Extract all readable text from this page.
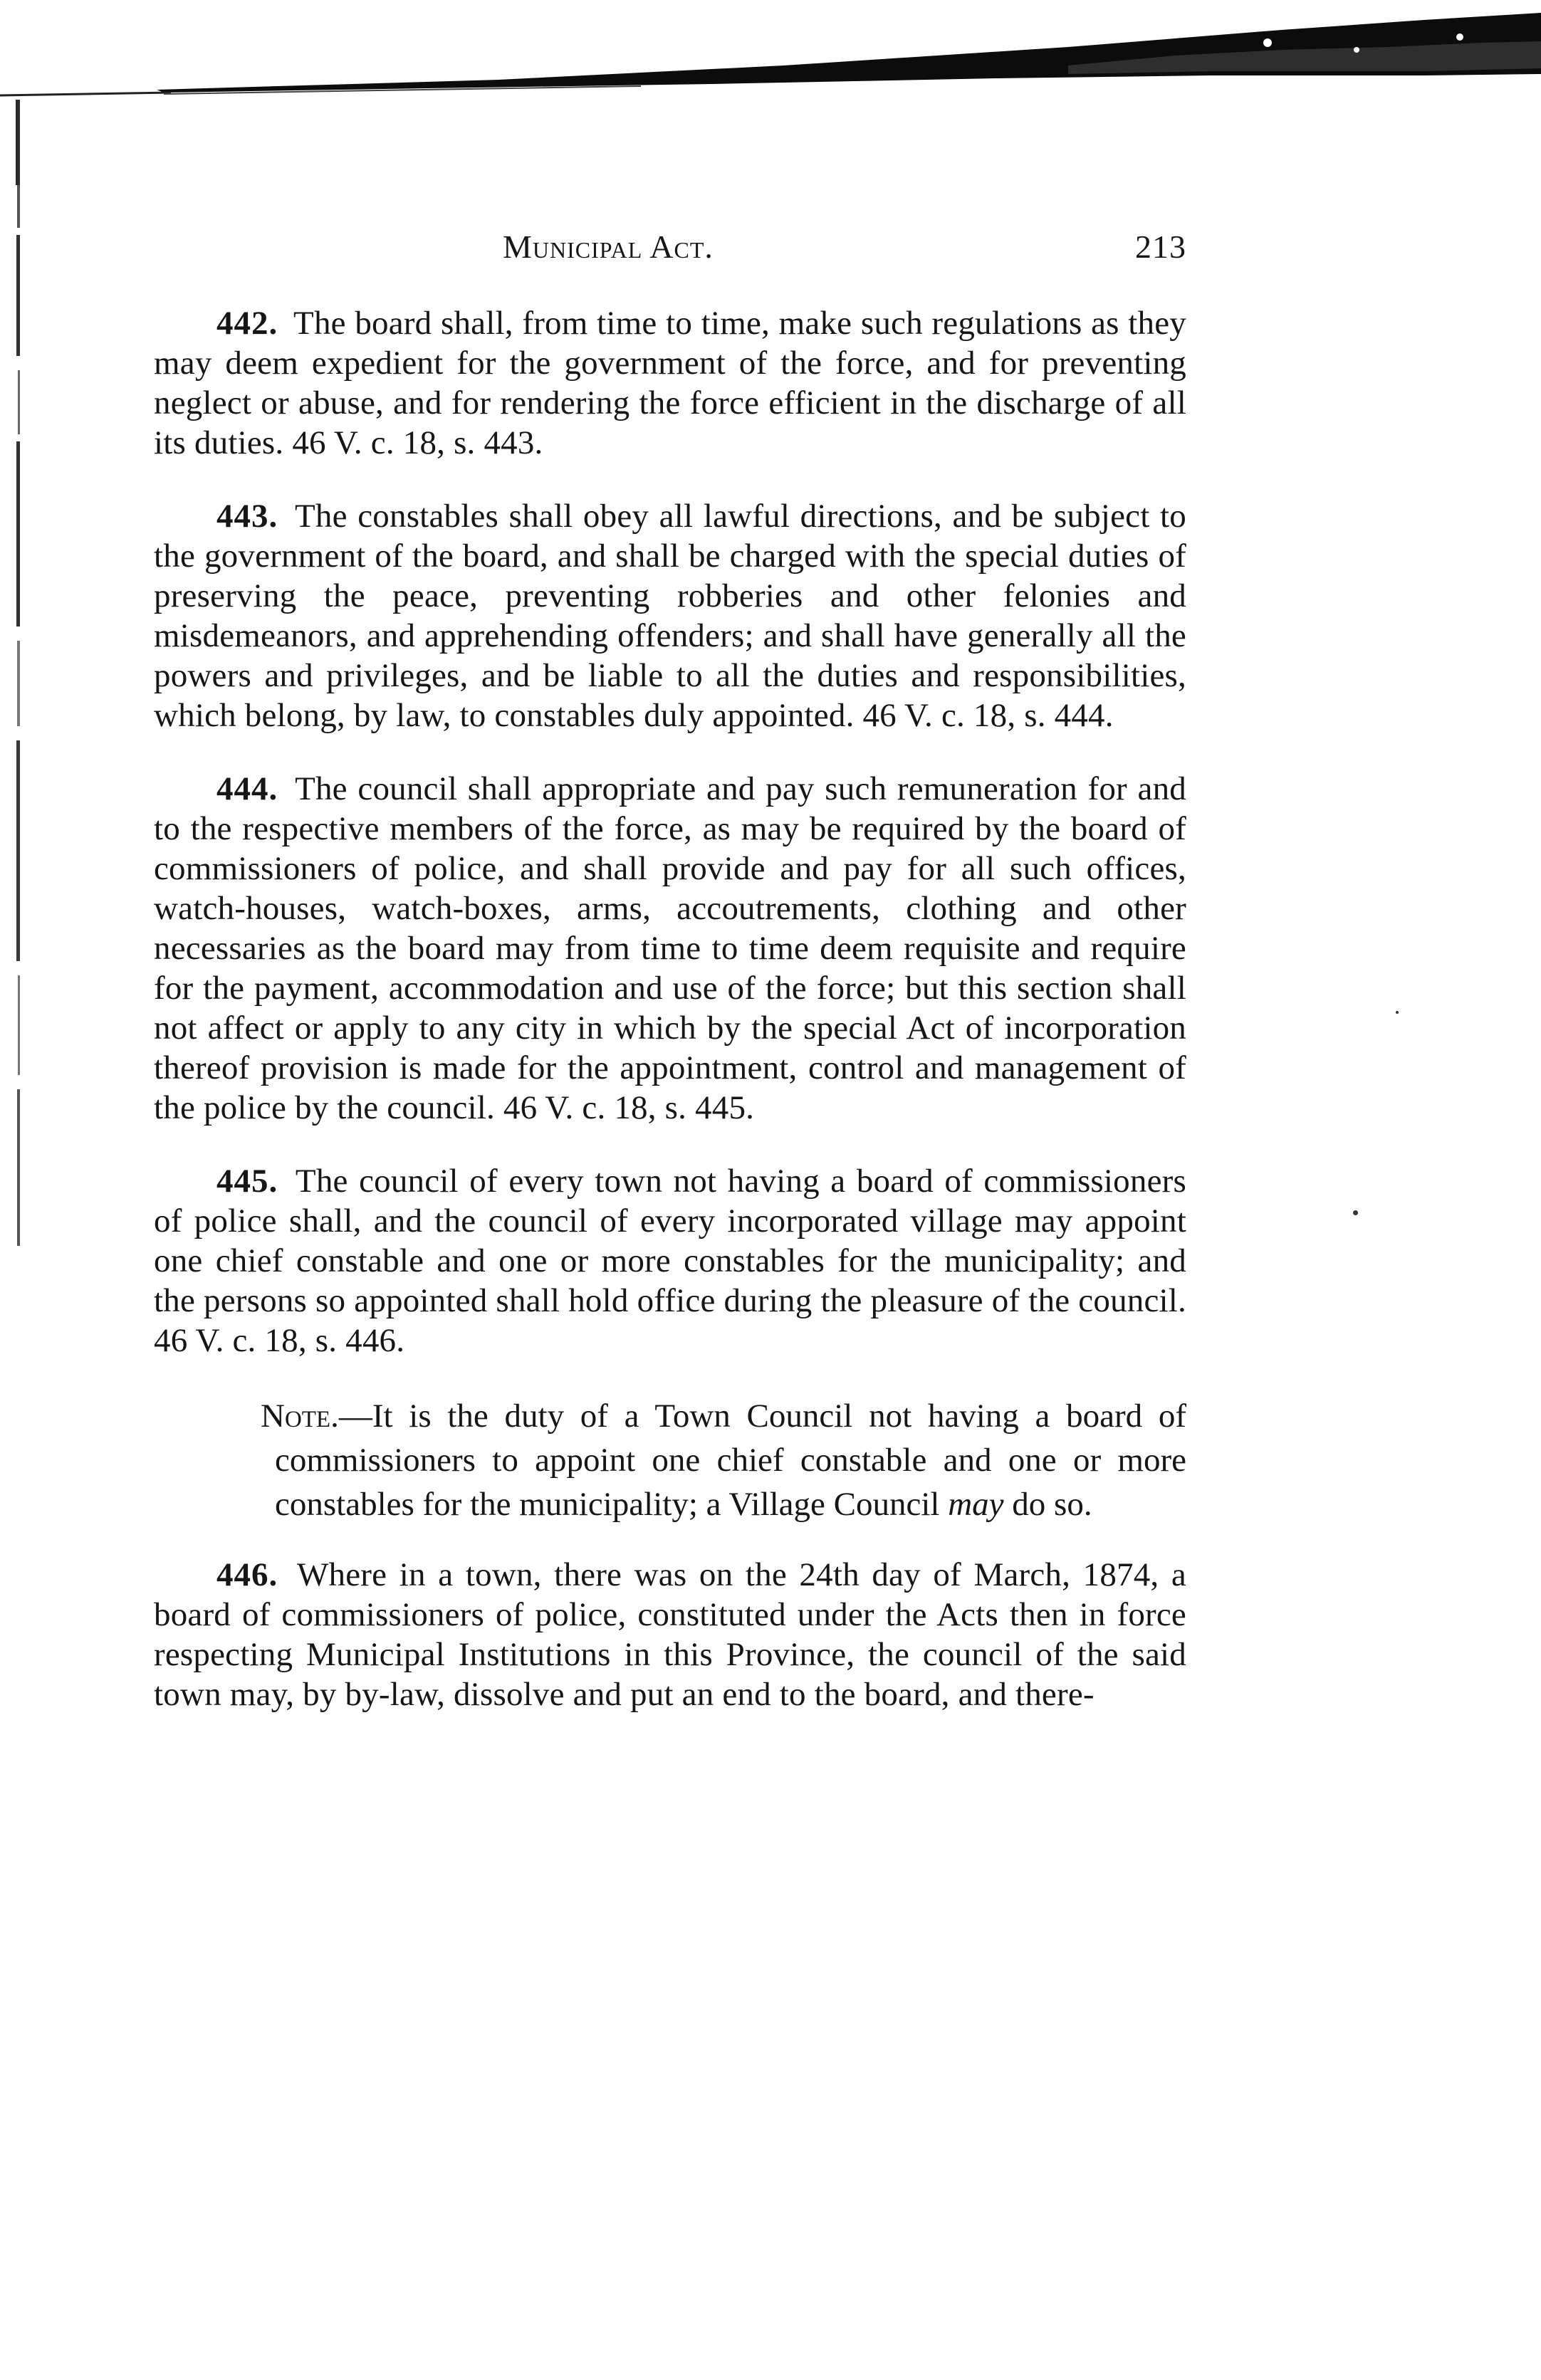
Municipal Act.	213

442. The board shall, from time to time, make such regulations as they may deem expedient for the government of the force, and for preventing neglect or abuse, and for rendering the force efficient in the discharge of all its duties. 46 V. c. 18, s. 443.

443. The constables shall obey all lawful directions, and be subject to the government of the board, and shall be charged with the special duties of preserving the peace, preventing robberies and other felonies and misdemeanors, and apprehending offenders; and shall have generally all the powers and privileges, and be liable to all the duties and responsibilities, which belong, by law, to constables duly appointed. 46 V. c. 18, s. 444.

444. The council shall appropriate and pay such remuneration for and to the respective members of the force, as may be required by the board of commissioners of police, and shall provide and pay for all such offices, watch-houses, watch-boxes, arms, accoutrements, clothing and other necessaries as the board may from time to time deem requisite and require for the payment, accommodation and use of the force; but this section shall not affect or apply to any city in which by the special Act of incorporation thereof provision is made for the appointment, control and management of the police by the council. 46 V. c. 18, s. 445.

445. The council of every town not having a board of commissioners of police shall, and the council of every incorporated village may appoint one chief constable and one or more constables for the municipality; and the persons so appointed shall hold office during the pleasure of the council. 46 V. c. 18, s. 446.

Note.—It is the duty of a Town Council not having a board of commissioners to appoint one chief constable and one or more constables for the municipality; a Village Council may do so.

446. Where in a town, there was on the 24th day of March, 1874, a board of commissioners of police, constituted under the Acts then in force respecting Municipal Institutions in this Province, the council of the said town may, by by-law, dissolve and put an end to the board, and there-
